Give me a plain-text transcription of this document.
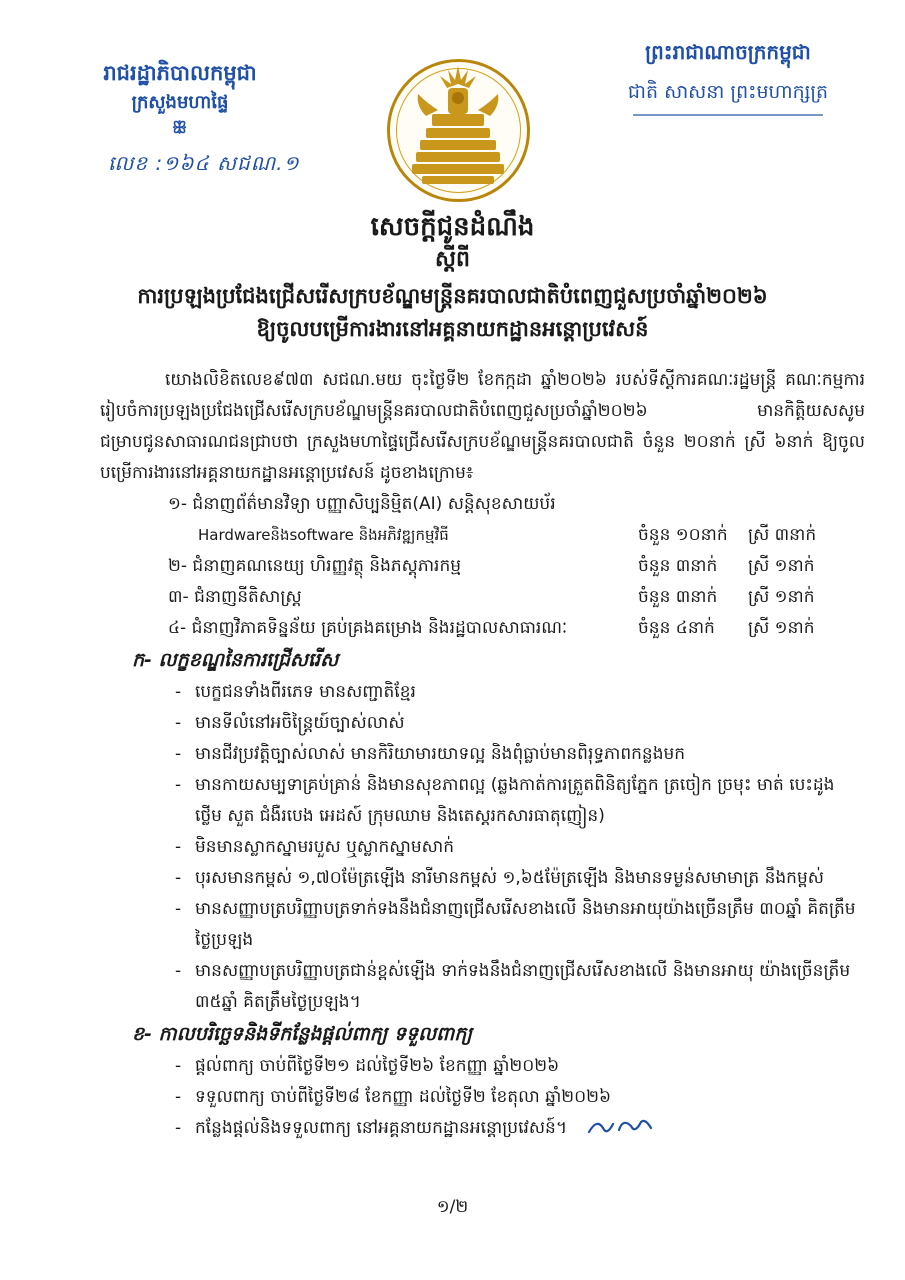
រាជរដ្ឋាភិបាលកម្ពុជា
ក្រសួងមហាផ្ទៃ
ꕥ
លេខ :១៦៤ សជណ.១
ព្រះរាជាណាចក្រកម្ពុជា
ជាតិ សាសនា ព្រះមហាក្សត្រ
សេចក្តីជូនដំណឹង
ស្តីពី
ការប្រឡងប្រជែងជ្រើសរើសក្របខ័ណ្ឌមន្ត្រីនគរបាលជាតិបំពេញជួសប្រចាំឆ្នាំ២០២៦
ឱ្យចូលបម្រើការងារនៅអគ្គនាយកដ្ឋានអន្តោប្រវេសន៍
យោងលិខិតលេខ៩៧៣ សជណ.មយ ចុះថ្ងៃទី២ ខែកក្កដា ឆ្នាំ២០២៦ របស់ទីស្តីការគណៈរដ្ឋមន្ត្រី គណៈកម្មការរៀបចំការប្រឡងប្រជែងជ្រើសរើសក្របខ័ណ្ឌមន្ត្រីនគរបាលជាតិបំពេញជួសប្រចាំឆ្នាំ២០២៦ មានកិត្តិយសសូមជម្រាបជូនសាធារណជនជ្រាបថា ក្រសួងមហាផ្ទៃជ្រើសរើសក្របខ័ណ្ឌមន្ត្រីនគរបាលជាតិ ចំនួន ២០នាក់ ស្រី ៦នាក់ ឱ្យចូលបម្រើការងារនៅអគ្គនាយកដ្ឋានអន្តោប្រវេសន៍ ដូចខាងក្រោម៖
១- ជំនាញព័ត៌មានវិទ្យា បញ្ញាសិប្បនិម្មិត(AI) សន្តិសុខសាយប័រ
Hardwareនិងsoftware និងអភិវឌ្ឍកម្មវិធី	ចំនួន ១០នាក់ ស្រី ៣នាក់
២- ជំនាញគណនេយ្យ ហិរញ្ញវត្ថុ និងភស្តុភារកម្ម	ចំនួន ៣នាក់ ស្រី ១នាក់
៣- ជំនាញនីតិសាស្ត្រ	ចំនួន ៣នាក់ ស្រី ១នាក់
៤- ជំនាញវិភាគទិន្នន័យ គ្រប់គ្រងគម្រោង និងរដ្ឋបាលសាធារណៈ	ចំនួន ៤នាក់ ស្រី ១នាក់
ក- លក្ខខណ្ឌនៃការជ្រើសរើស
- បេក្ខជនទាំងពីរភេទ មានសញ្ជាតិខ្មែរ
- មានទីលំនៅអចិន្ត្រៃយ៍ច្បាស់លាស់
- មានជីវប្រវត្តិច្បាស់លាស់ មានកិរិយាមារយាទល្អ និងពុំធ្លាប់មានពិរុទ្ធភាពកន្លងមក
- មានកាយសម្បទាគ្រប់គ្រាន់ និងមានសុខភាពល្អ (ឆ្លងកាត់ការត្រួតពិនិត្យភ្នែក ត្រចៀក ច្រមុះ មាត់ បេះដូង ថ្លើម សួត ជំងឺរបេង អេដស៍ ក្រុមឈាម និងតេស្តរកសារធាតុញៀន)
- មិនមានស្លាកស្នាមរបួស ឬស្លាកស្នាមសាក់
- បុរសមានកម្ពស់ ១,៧០ម៉ែត្រឡើង នារីមានកម្ពស់ ១,៦៥ម៉ែត្រឡើង និងមានទម្ងន់សមាមាត្រ នឹងកម្ពស់
- មានសញ្ញាបត្របរិញ្ញាបត្រទាក់ទងនឹងជំនាញជ្រើសរើសខាងលើ និងមានអាយុយ៉ាងច្រើនត្រឹម ៣០ឆ្នាំ គិតត្រឹមថ្ងៃប្រឡង
- មានសញ្ញាបត្របរិញ្ញាបត្រជាន់ខ្ពស់ឡើង ទាក់ទងនឹងជំនាញជ្រើសរើសខាងលើ និងមានអាយុ យ៉ាងច្រើនត្រឹម ៣៥ឆ្នាំ គិតត្រឹមថ្ងៃប្រឡង។
ខ- កាលបរិច្ឆេទនិងទីកន្លែងផ្តល់ពាក្យ ទទួលពាក្យ
- ផ្តល់ពាក្យ ចាប់ពីថ្ងៃទី២១ ដល់ថ្ងៃទី២៦ ខែកញ្ញា ឆ្នាំ២០២៦
- ទទួលពាក្យ ចាប់ពីថ្ងៃទី២៨ ខែកញ្ញា ដល់ថ្ងៃទី២ ខែតុលា ឆ្នាំ២០២៦
- កន្លែងផ្តល់និងទទួលពាក្យ នៅអគ្គនាយកដ្ឋានអន្តោប្រវេសន៍។
១/២
